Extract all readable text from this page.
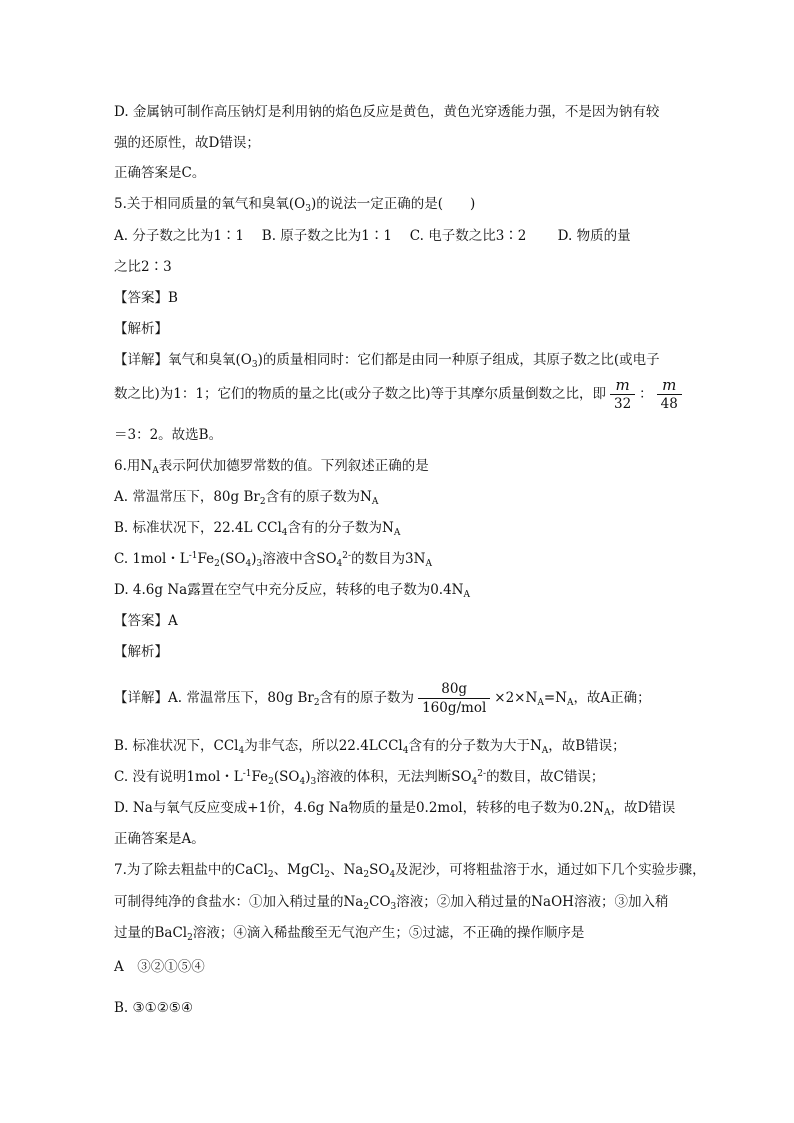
D. 金属钠可制作高压钠灯是利用钠的焰色反应是黄色，黄色光穿透能力强，不是因为钠有较
强的还原性，故D错误；
正确答案是C。
5.关于相同质量的氧气和臭氧$(O_3)$的说法一定正确的是(　　)
A. 分子数之比为1∶1　 B. 原子数之比为1∶1　 C. 电子数之比3∶2　　 D. 物质的量
之比2∶3
【答案】B
【解析】
【详解】氧气和臭氧$(O_3)$的质量相同时：它们都是由同一种原子组成，其原子数之比(或电子
数之比)为1：1；它们的物质的量之比(或分子数之比)等于其摩尔质量倒数之比，即 $\frac{m}{32}$ ： $\frac{m}{48}$
＝3：2。故选B。
6.用$N_A$表示阿伏加德罗常数的值。下列叙述正确的是
A. 常温常压下，80g $Br_2$含有的原子数为$N_A$
B. 标准状况下，22.4L CCl$_4$含有的分子数为$N_A$
C. 1mol・$L^{-1}Fe_2(SO_4)_3$溶液中含$SO_4^{2-}$的数目为$3N_A$
D. 4.6g Na露置在空气中充分反应，转移的电子数为$0.4N_A$
【答案】A
【解析】
【详解】A. 常温常压下，80g $Br_2$含有的原子数为 $\frac{80g}{\text{160g/mol}} \times 2\times N_A=N_A$，故A正确；
B. 标准状况下，CCl$_4$为非气态，所以22.4LCCl$_4$含有的分子数为大于$N_A$，故B错误；
C. 没有说明1mol・$L^{-1}Fe_2(SO_4)_3$溶液的体积，无法判断$SO_4^{2-}$的数目，故C错误；
D. Na与氧气反应变成+1价，4.6g Na物质的量是0.2mol，转移的电子数为$0.2N_A$，故D错误
正确答案是A。
7.为了除去粗盐中的CaCl$_2$、MgCl$_2$、$Na_2SO_4$及泥沙，可将粗盐溶于水，通过如下几个实验步骤，
可制得纯净的食盐水：①加入稍过量的$Na_2CO_3$溶液；②加入稍过量的NaOH溶液；③加入稍
过量的BaCl$_2$溶液；④滴入稀盐酸至无气泡产生；⑤过滤，不正确的操作顺序是
A　③②①⑤④
B. ③①②⑤④
